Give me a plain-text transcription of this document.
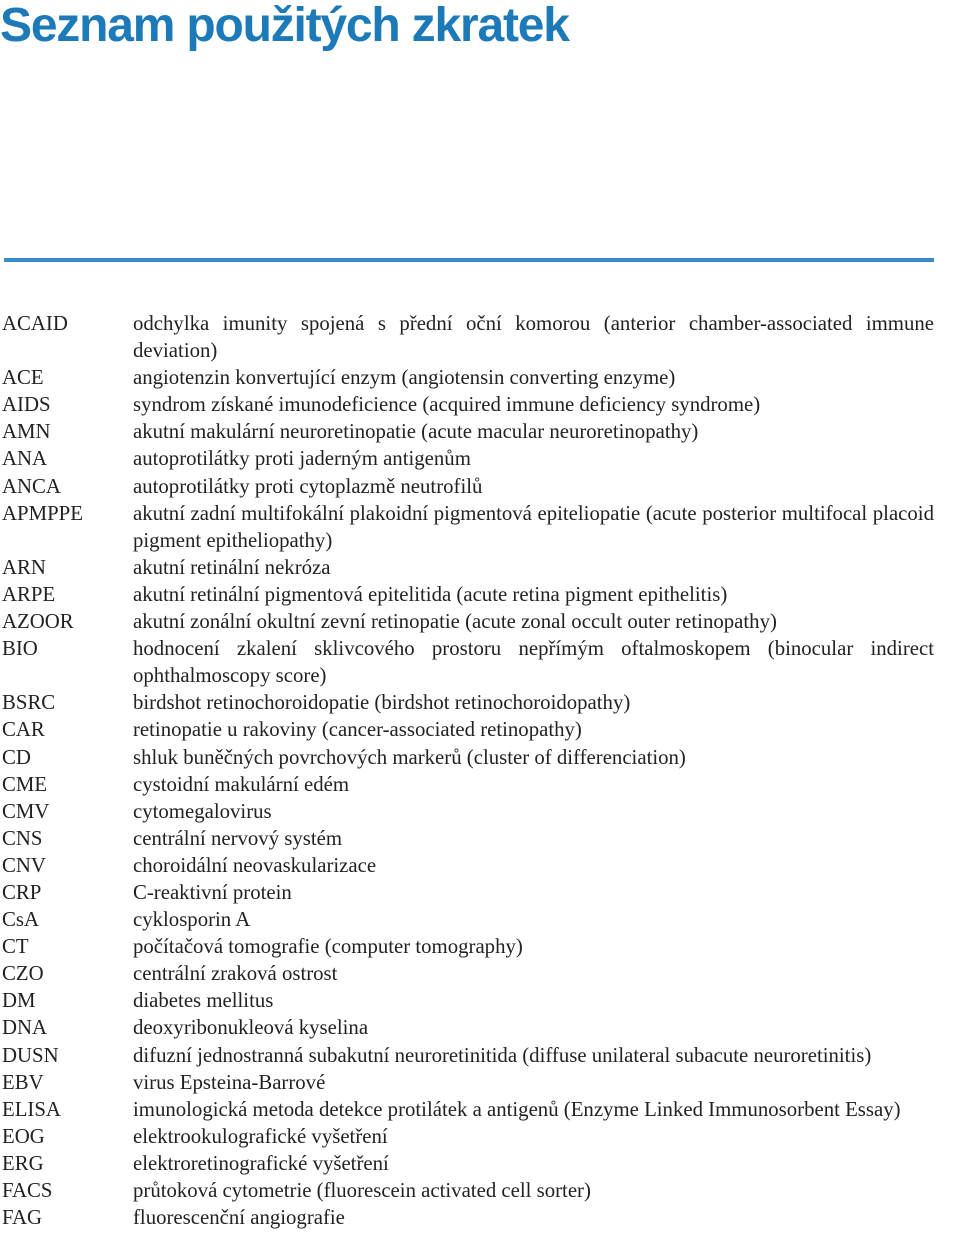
Seznam použitých zkratek
ACAID	odchylka imunity spojená s přední oční komorou (anterior chamber-associated immune deviation)
ACE	angiotenzin konvertující enzym (angiotensin converting enzyme)
AIDS	syndrom získané imunodeficience (acquired immune deficiency syndrome)
AMN	akutní makulární neuroretinopatie (acute macular neuroretinopathy)
ANA	autoprotilátky proti jaderným antigenům
ANCA	autoprotilátky proti cytoplazmě neutrofilů
APMPPE	akutní zadní multifokální plakoidní pigmentová epiteliopatie (acute posterior multifocal placoid pigment epitheliopathy)
ARN	akutní retinální nekróza
ARPE	akutní retinální pigmentová epitelitida (acute retina pigment epithelitis)
AZOOR	akutní zonální okultní zevní retinopatie (acute zonal occult outer retinopathy)
BIO	hodnocení zkalení sklivcového prostoru nepřímým oftalmoskopem (binocular indirect ophthalmoscopy score)
BSRC	birdshot retinochoroidopatie (birdshot retinochoroidopathy)
CAR	retinopatie u rakoviny (cancer-associated retinopathy)
CD	shluk buněčných povrchových markerů (cluster of differenciation)
CME	cystoidní makulární edém
CMV	cytomegalovirus
CNS	centrální nervový systém
CNV	choroidální neovaskularizace
CRP	C-reaktivní protein
CsA	cyklosporin A
CT	počítačová tomografie (computer tomography)
CZO	centrální zraková ostrost
DM	diabetes mellitus
DNA	deoxyribonukleová kyselina
DUSN	difuzní jednostranná subakutní neuroretinitida (diffuse unilateral subacute neuroretinitis)
EBV	virus Epsteina-Barrové
ELISA	imunologická metoda detekce protilátek a antigenů (Enzyme Linked Immunosorbent Essay)
EOG	elektrookulografické vyšetření
ERG	elektroretinografické vyšetření
FACS	průtoková cytometrie (fluorescein activated cell sorter)
FAG	fluorescenční angiografie
